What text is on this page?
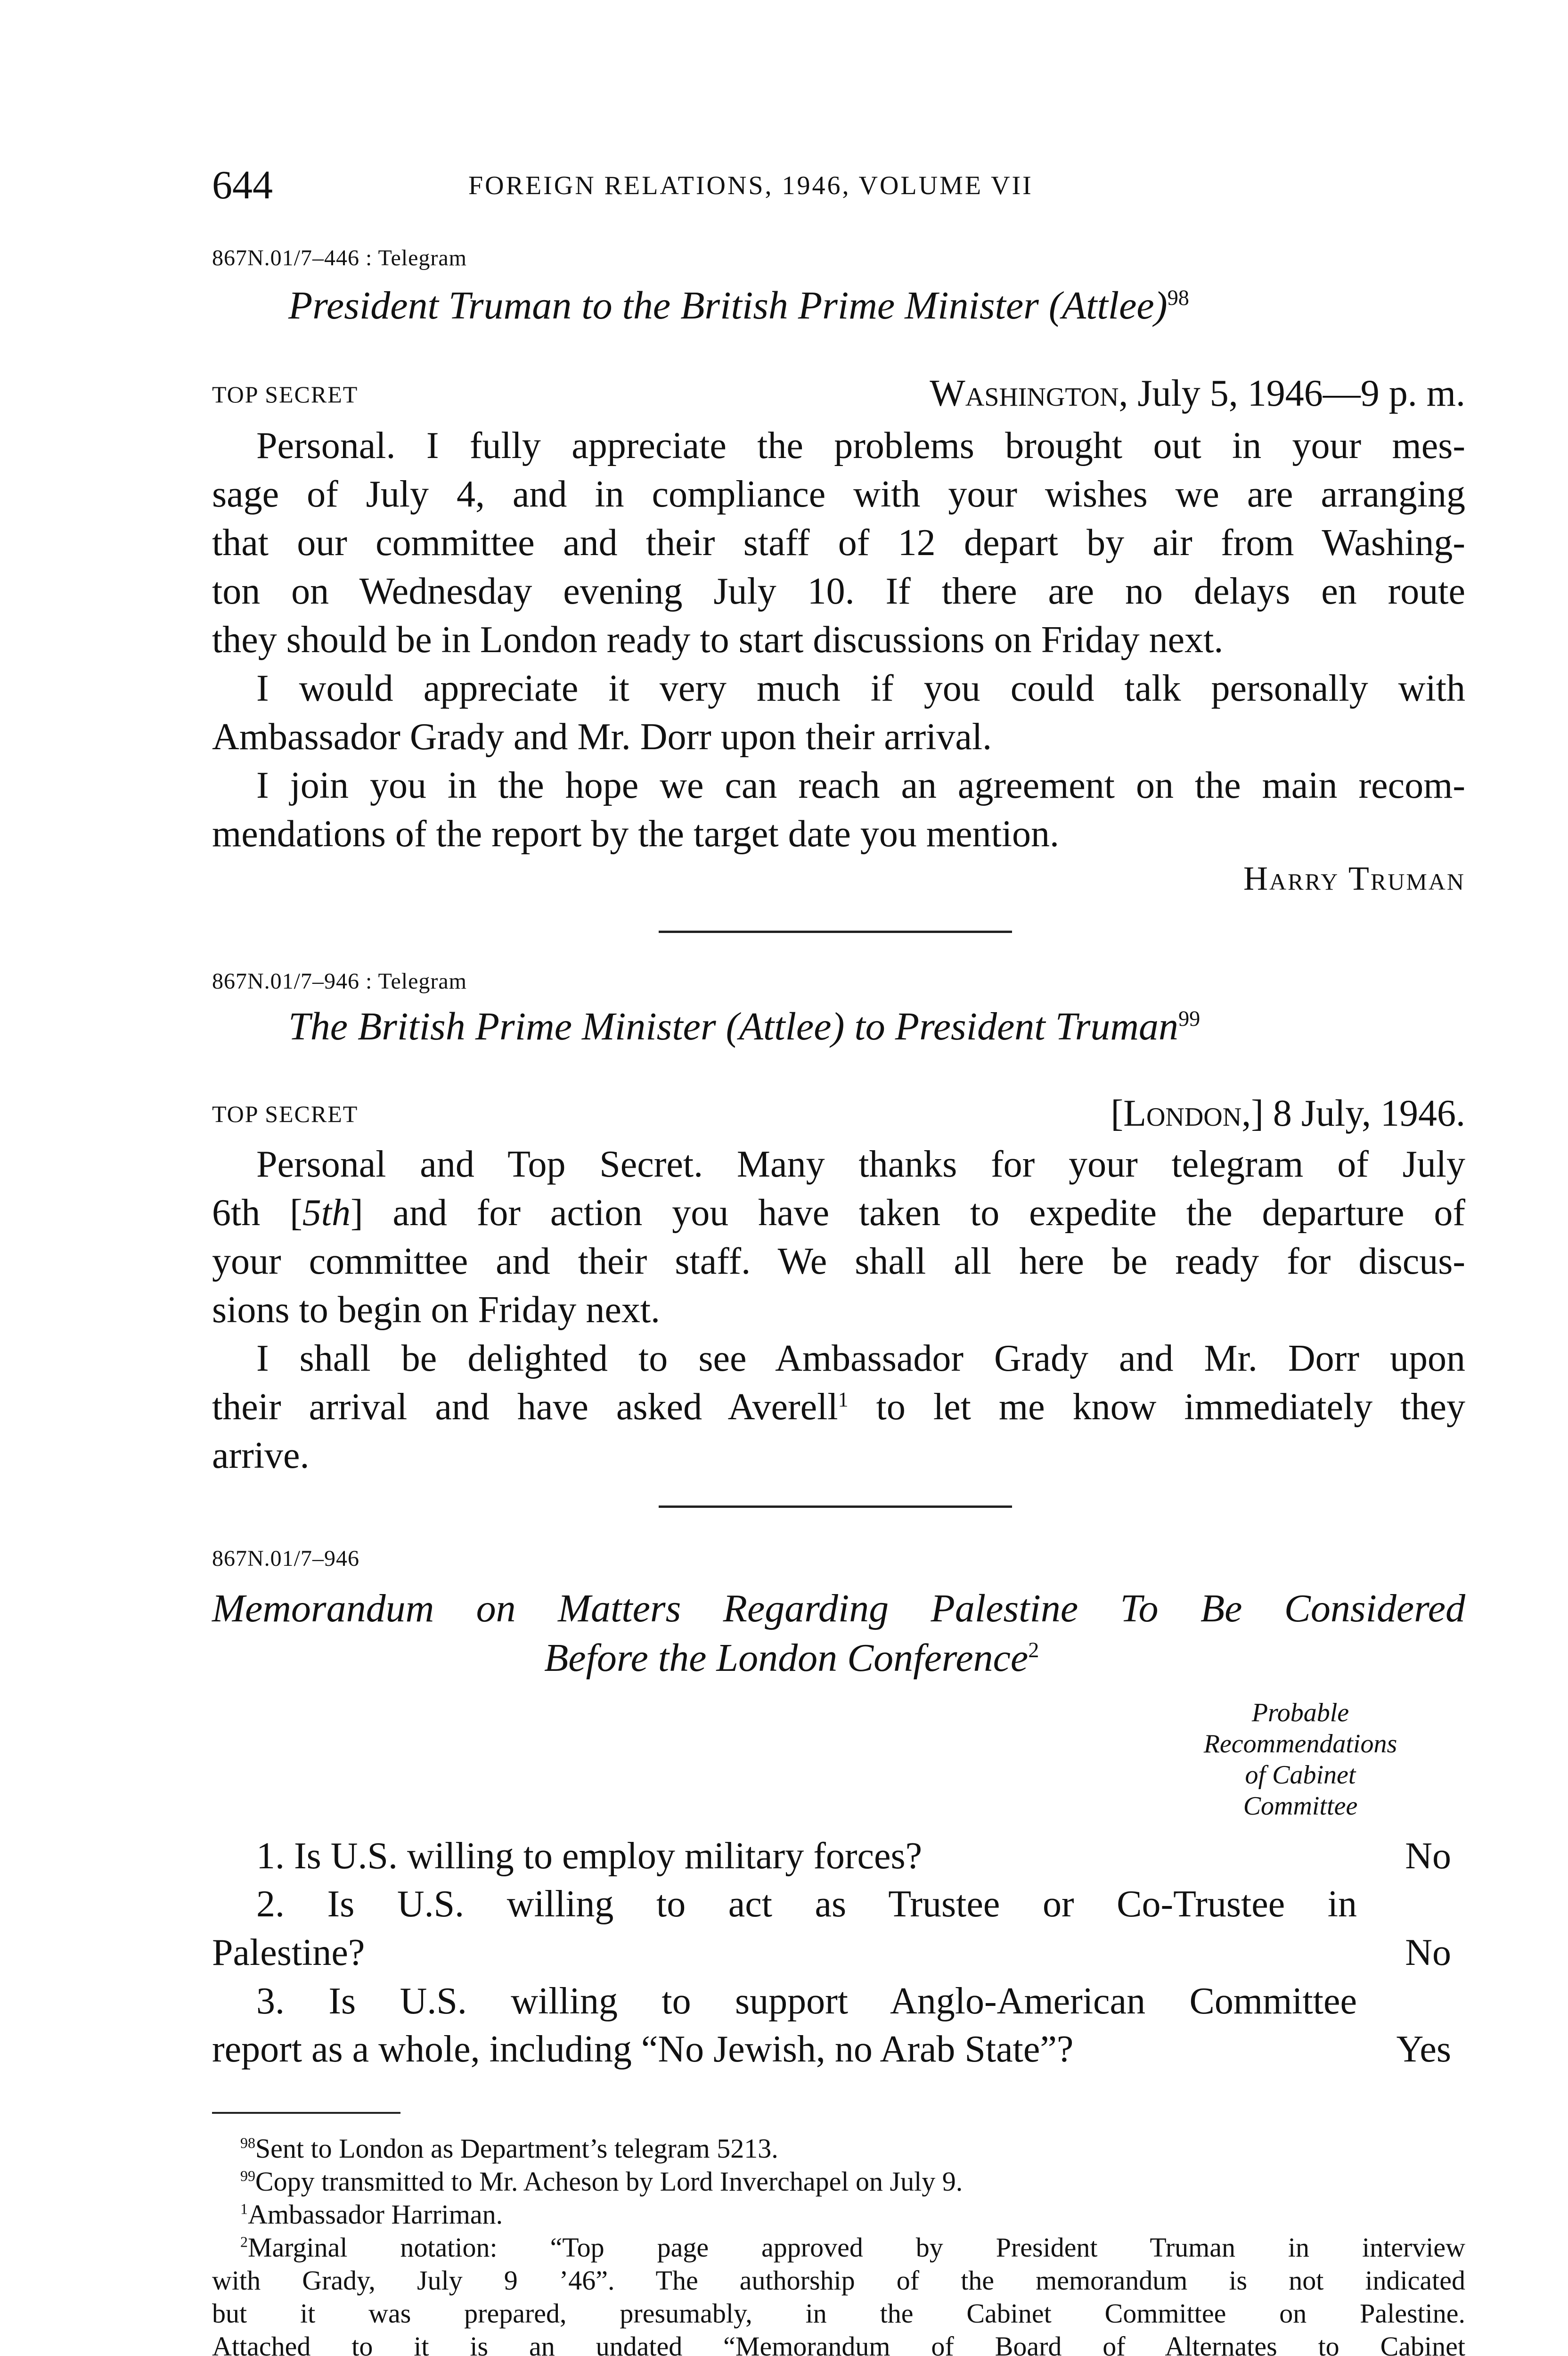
644	FOREIGN RELATIONS, 1946, VOLUME VII
867N.01/7–446 : Telegram
President Truman to the British Prime Minister (Attlee)$^{98}$
TOP SECRET	Washington, July 5, 1946—9 p. m.
Personal. I fully appreciate the problems brought out in your mes-
sage of July 4, and in compliance with your wishes we are arranging
that our committee and their staff of 12 depart by air from Washing-
ton on Wednesday evening July 10. If there are no delays en route
they should be in London ready to start discussions on Friday next.
I would appreciate it very much if you could talk personally with
Ambassador Grady and Mr. Dorr upon their arrival.
I join you in the hope we can reach an agreement on the main recom-
mendations of the report by the target date you mention.
Harry Truman
867N.01/7–946 : Telegram
The British Prime Minister (Attlee) to President Truman$^{99}$
TOP SECRET	[London,] 8 July, 1946.
Personal and Top Secret. Many thanks for your telegram of July
6th [5th] and for action you have taken to expedite the departure of
your committee and their staff. We shall all here be ready for discus-
sions to begin on Friday next.
I shall be delighted to see Ambassador Grady and Mr. Dorr upon
their arrival and have asked Averell$^1$ to let me know immediately they
arrive.
867N.01/7–946
Memorandum on Matters Regarding Palestine To Be Considered
Before the London Conference$^2$
Probable
Recommendations
of Cabinet
Committee
1. Is U.S. willing to employ military forces?	No
2. Is U.S. willing to act as Trustee or Co-Trustee in
Palestine?	No
3. Is U.S. willing to support Anglo-American Committee
report as a whole, including “No Jewish, no Arab State”?	Yes
$^{98}$Sent to London as Department’s telegram 5213.
$^{99}$Copy transmitted to Mr. Acheson by Lord Inverchapel on July 9.
$^1$Ambassador Harriman.
$^2$Marginal notation: “Top page approved by President Truman in interview
with Grady, July 9 ’46”. The authorship of the memorandum is not indicated
but it was prepared, presumably, in the Cabinet Committee on Palestine.
Attached to it is an undated “Memorandum of Board of Alternates to Cabinet
